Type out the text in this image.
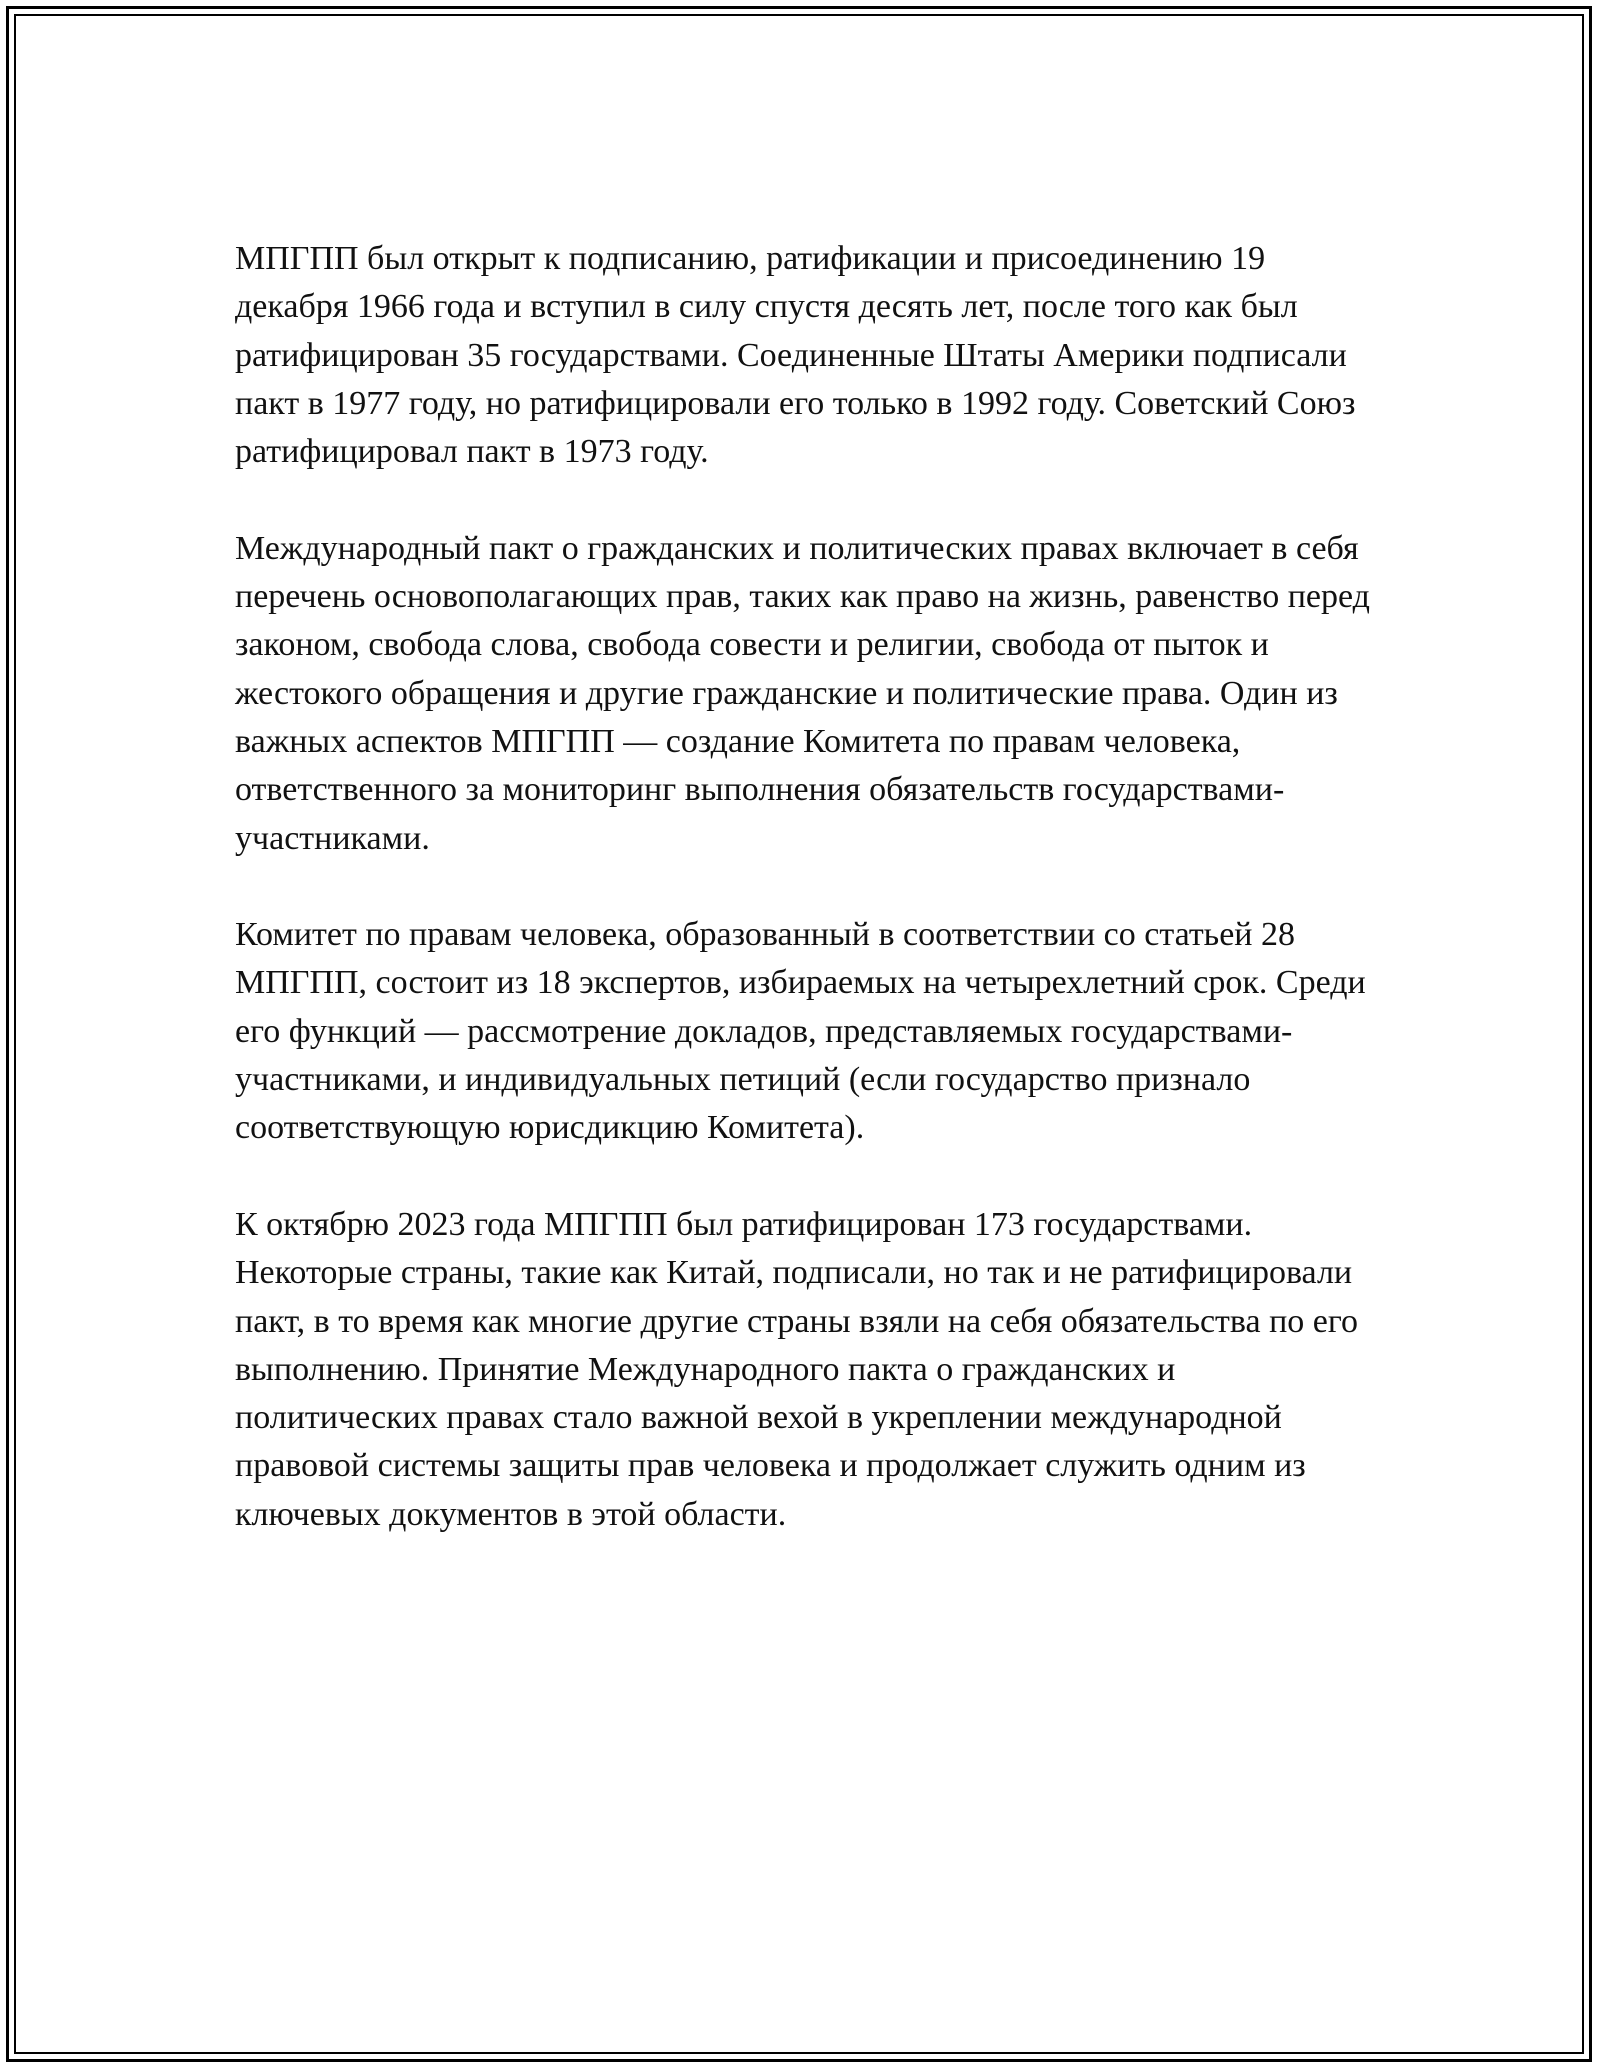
МПГПП был открыт к подписанию, ратификации и присоединению 19 декабря 1966 года и вступил в силу спустя десять лет, после того как был ратифицирован 35 государствами. Соединенные Штаты Америки подписали пакт в 1977 году, но ратифицировали его только в 1992 году. Советский Союз ратифицировал пакт в 1973 году.

Международный пакт о гражданских и политических правах включает в себя перечень основополагающих прав, таких как право на жизнь, равенство перед законом, свобода слова, свобода совести и религии, свобода от пыток и жестокого обращения и другие гражданские и политические права. Один из важных аспектов МПГПП — создание Комитета по правам человека, ответственного за мониторинг выполнения обязательств государствами-участниками.

Комитет по правам человека, образованный в соответствии со статьей 28 МПГПП, состоит из 18 экспертов, избираемых на четырехлетний срок. Среди его функций — рассмотрение докладов, представляемых государствами-участниками, и индивидуальных петиций (если государство признало соответствующую юрисдикцию Комитета).

К октябрю 2023 года МПГПП был ратифицирован 173 государствами. Некоторые страны, такие как Китай, подписали, но так и не ратифицировали пакт, в то время как многие другие страны взяли на себя обязательства по его выполнению. Принятие Международного пакта о гражданских и политических правах стало важной вехой в укреплении международной правовой системы защиты прав человека и продолжает служить одним из ключевых документов в этой области.
